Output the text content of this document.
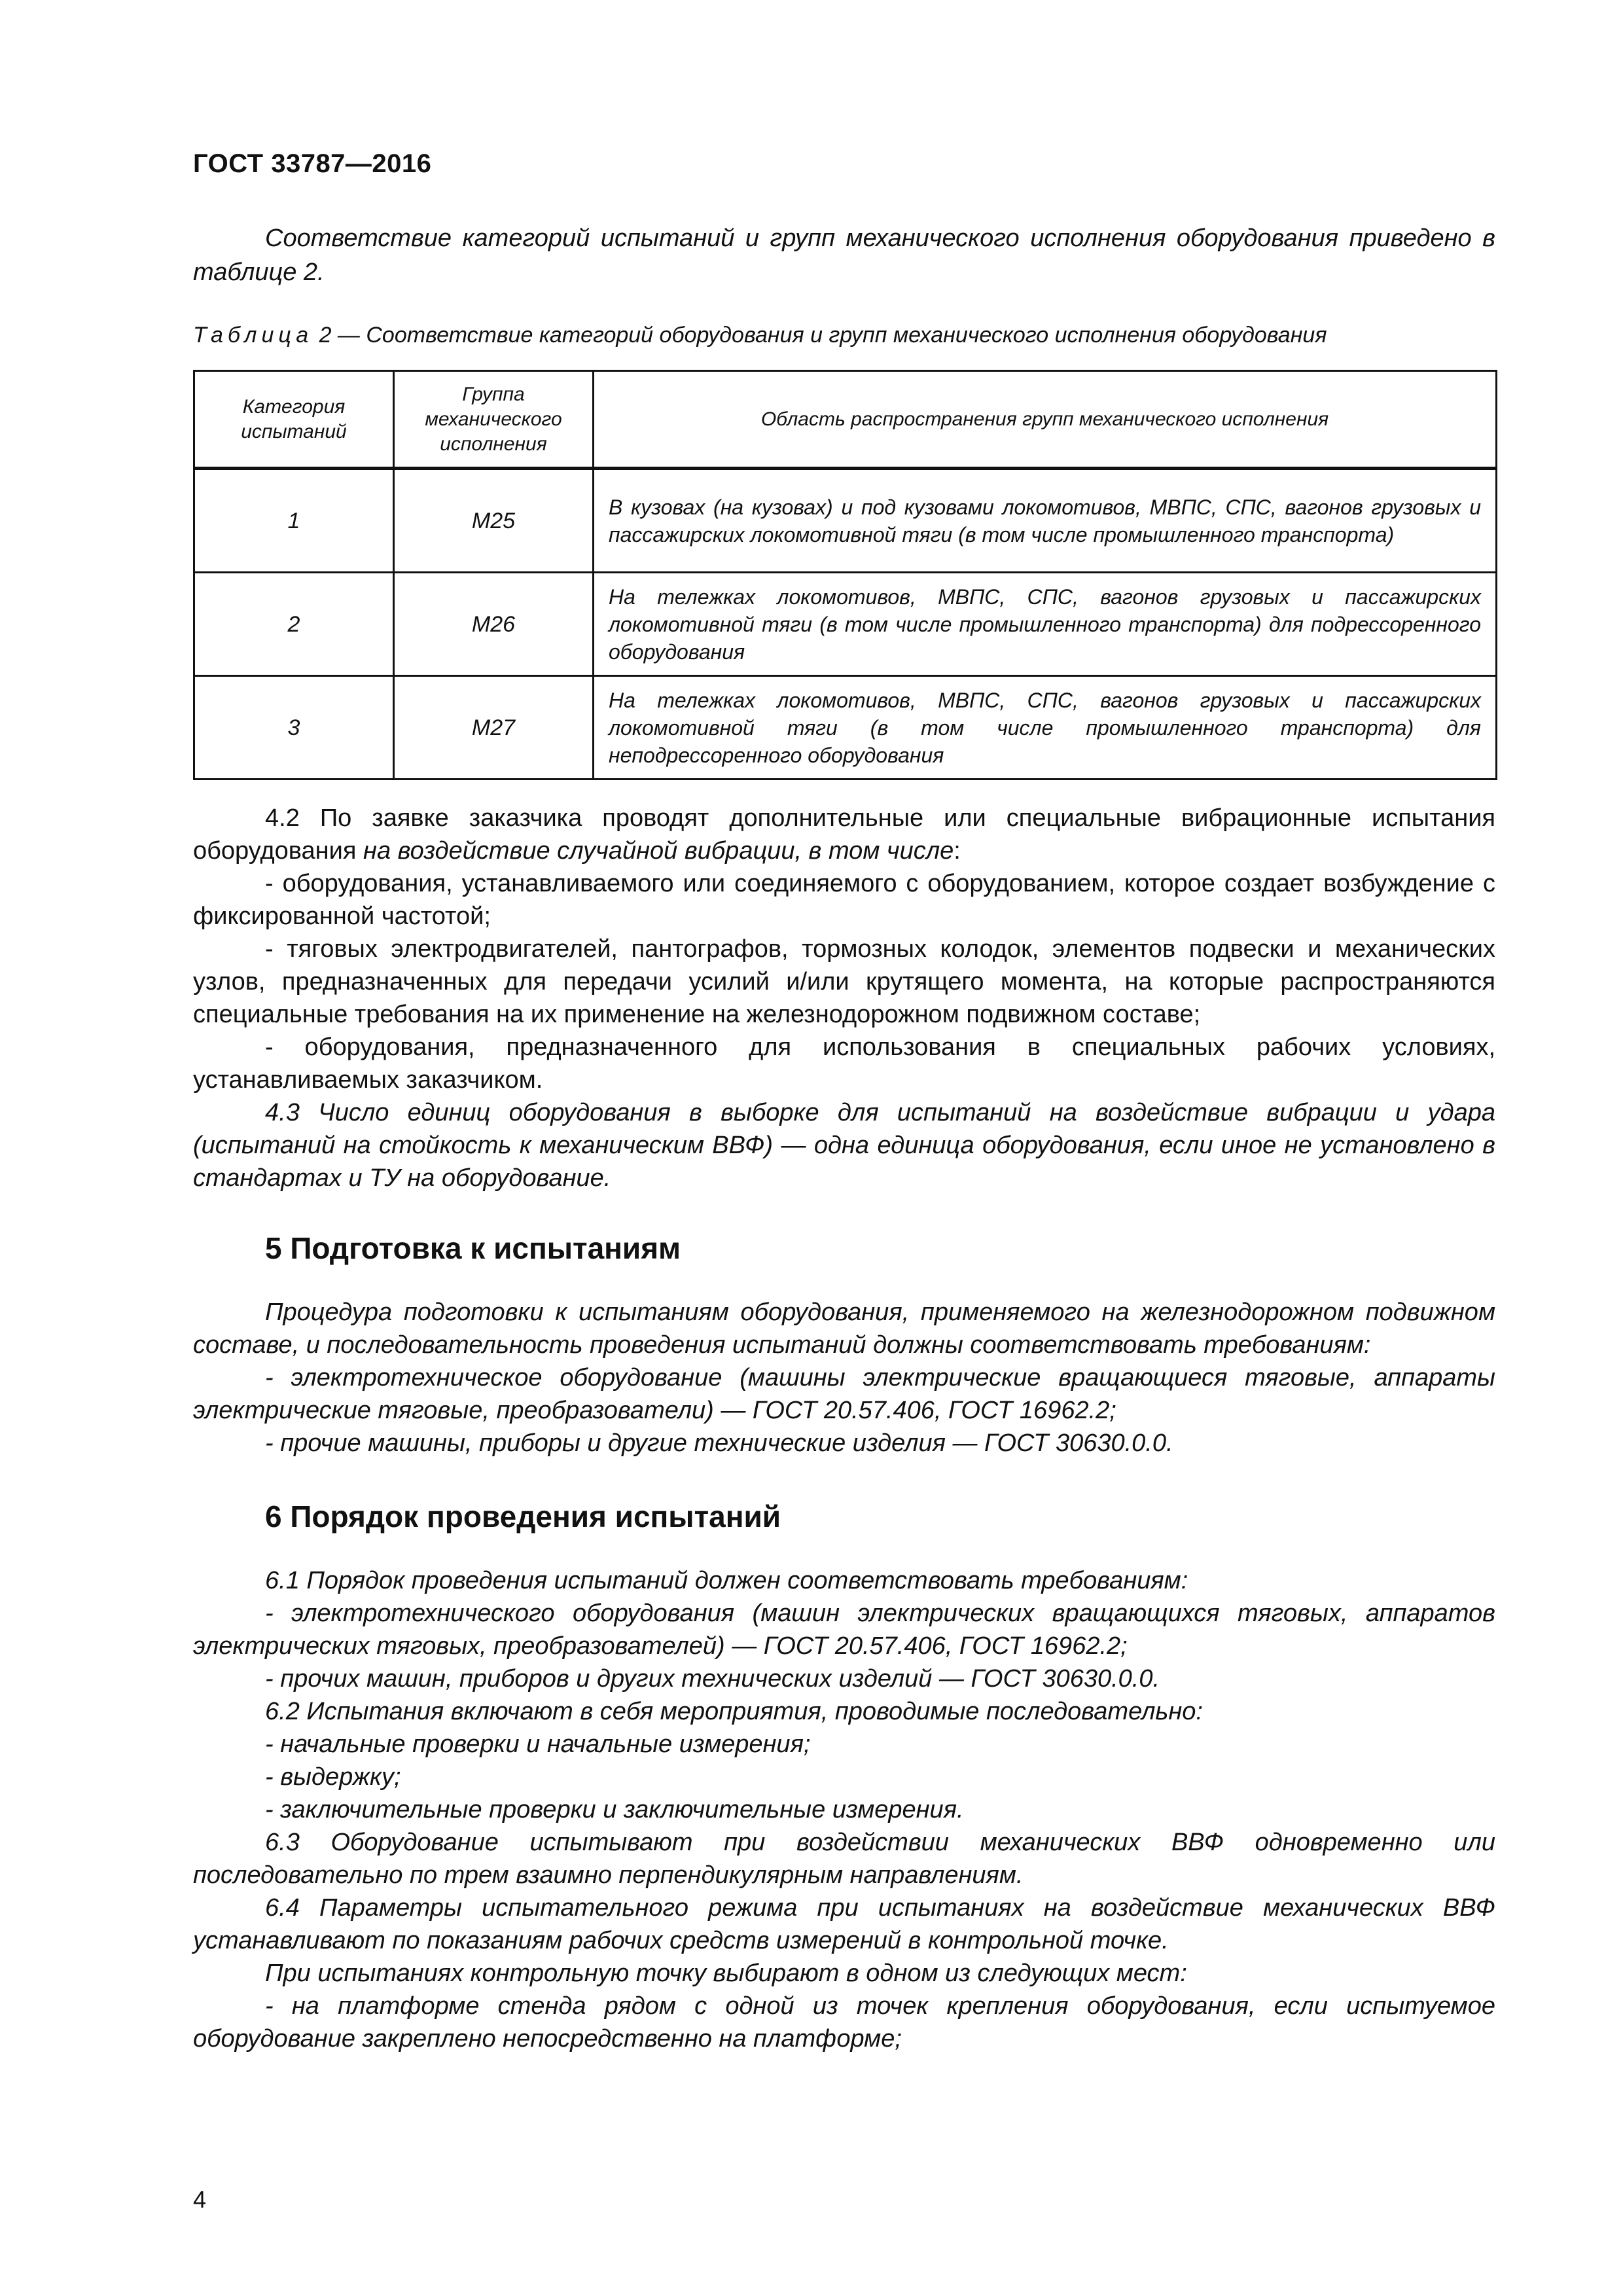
ГОСТ 33787—2016
Соответствие категорий испытаний и групп механического исполнения оборудования приведено в таблице 2.
Таблица 2 — Соответствие категорий оборудования и групп механического исполнения оборудования
Категория испытаний	Группа механического исполнения	Область распространения групп механического исполнения
1	М25	В кузовах (на кузовах) и под кузовами локомотивов, МВПС, СПС, вагонов грузовых и пассажирских локомотивной тяги (в том числе промышленного транспорта)
2	М26	На тележках локомотивов, МВПС, СПС, вагонов грузовых и пассажирских локомотивной тяги (в том числе промышленного транспорта) для подрессоренного оборудования
3	М27	На тележках локомотивов, МВПС, СПС, вагонов грузовых и пассажирских локомотивной тяги (в том числе промышленного транспорта) для неподрессоренного оборудования

4.2 По заявке заказчика проводят дополнительные или специальные вибрационные испытания оборудования на воздействие случайной вибрации, в том числе:

- оборудования, устанавливаемого или соединяемого с оборудованием, которое создает возбуждение с фиксированной частотой;

- тяговых электродвигателей, пантографов, тормозных колодок, элементов подвески и механических узлов, предназначенных для передачи усилий и/или крутящего момента, на которые распространяются специальные требования на их применение на железнодорожном подвижном составе;

- оборудования, предназначенного для использования в специальных рабочих условиях, устанавливаемых заказчиком.

4.3 Число единиц оборудования в выборке для испытаний на воздействие вибрации и удара (испытаний на стойкость к механическим ВВФ) — одна единица оборудования, если иное не установлено в стандартах и ТУ на оборудование.

5 Подготовка к испытаниям

Процедура подготовки к испытаниям оборудования, применяемого на железнодорожном подвижном составе, и последовательность проведения испытаний должны соответствовать требованиям:

- электротехническое оборудование (машины электрические вращающиеся тяговые, аппараты электрические тяговые, преобразователи) — ГОСТ 20.57.406, ГОСТ 16962.2;

- прочие машины, приборы и другие технические изделия — ГОСТ 30630.0.0.

6 Порядок проведения испытаний

6.1 Порядок проведения испытаний должен соответствовать требованиям:

- электротехнического оборудования (машин электрических вращающихся тяговых, аппаратов электрических тяговых, преобразователей) — ГОСТ 20.57.406, ГОСТ 16962.2;

- прочих машин, приборов и других технических изделий — ГОСТ 30630.0.0.

6.2 Испытания включают в себя мероприятия, проводимые последовательно:

- начальные проверки и начальные измерения;

- выдержку;

- заключительные проверки и заключительные измерения.

6.3 Оборудование испытывают при воздействии механических ВВФ одновременно или последовательно по трем взаимно перпендикулярным направлениям.

6.4 Параметры испытательного режима при испытаниях на воздействие механических ВВФ устанавливают по показаниям рабочих средств измерений в контрольной точке.

При испытаниях контрольную точку выбирают в одном из следующих мест:

- на платформе стенда рядом с одной из точек крепления оборудования, если испытуемое оборудование закреплено непосредственно на платформе;

4
